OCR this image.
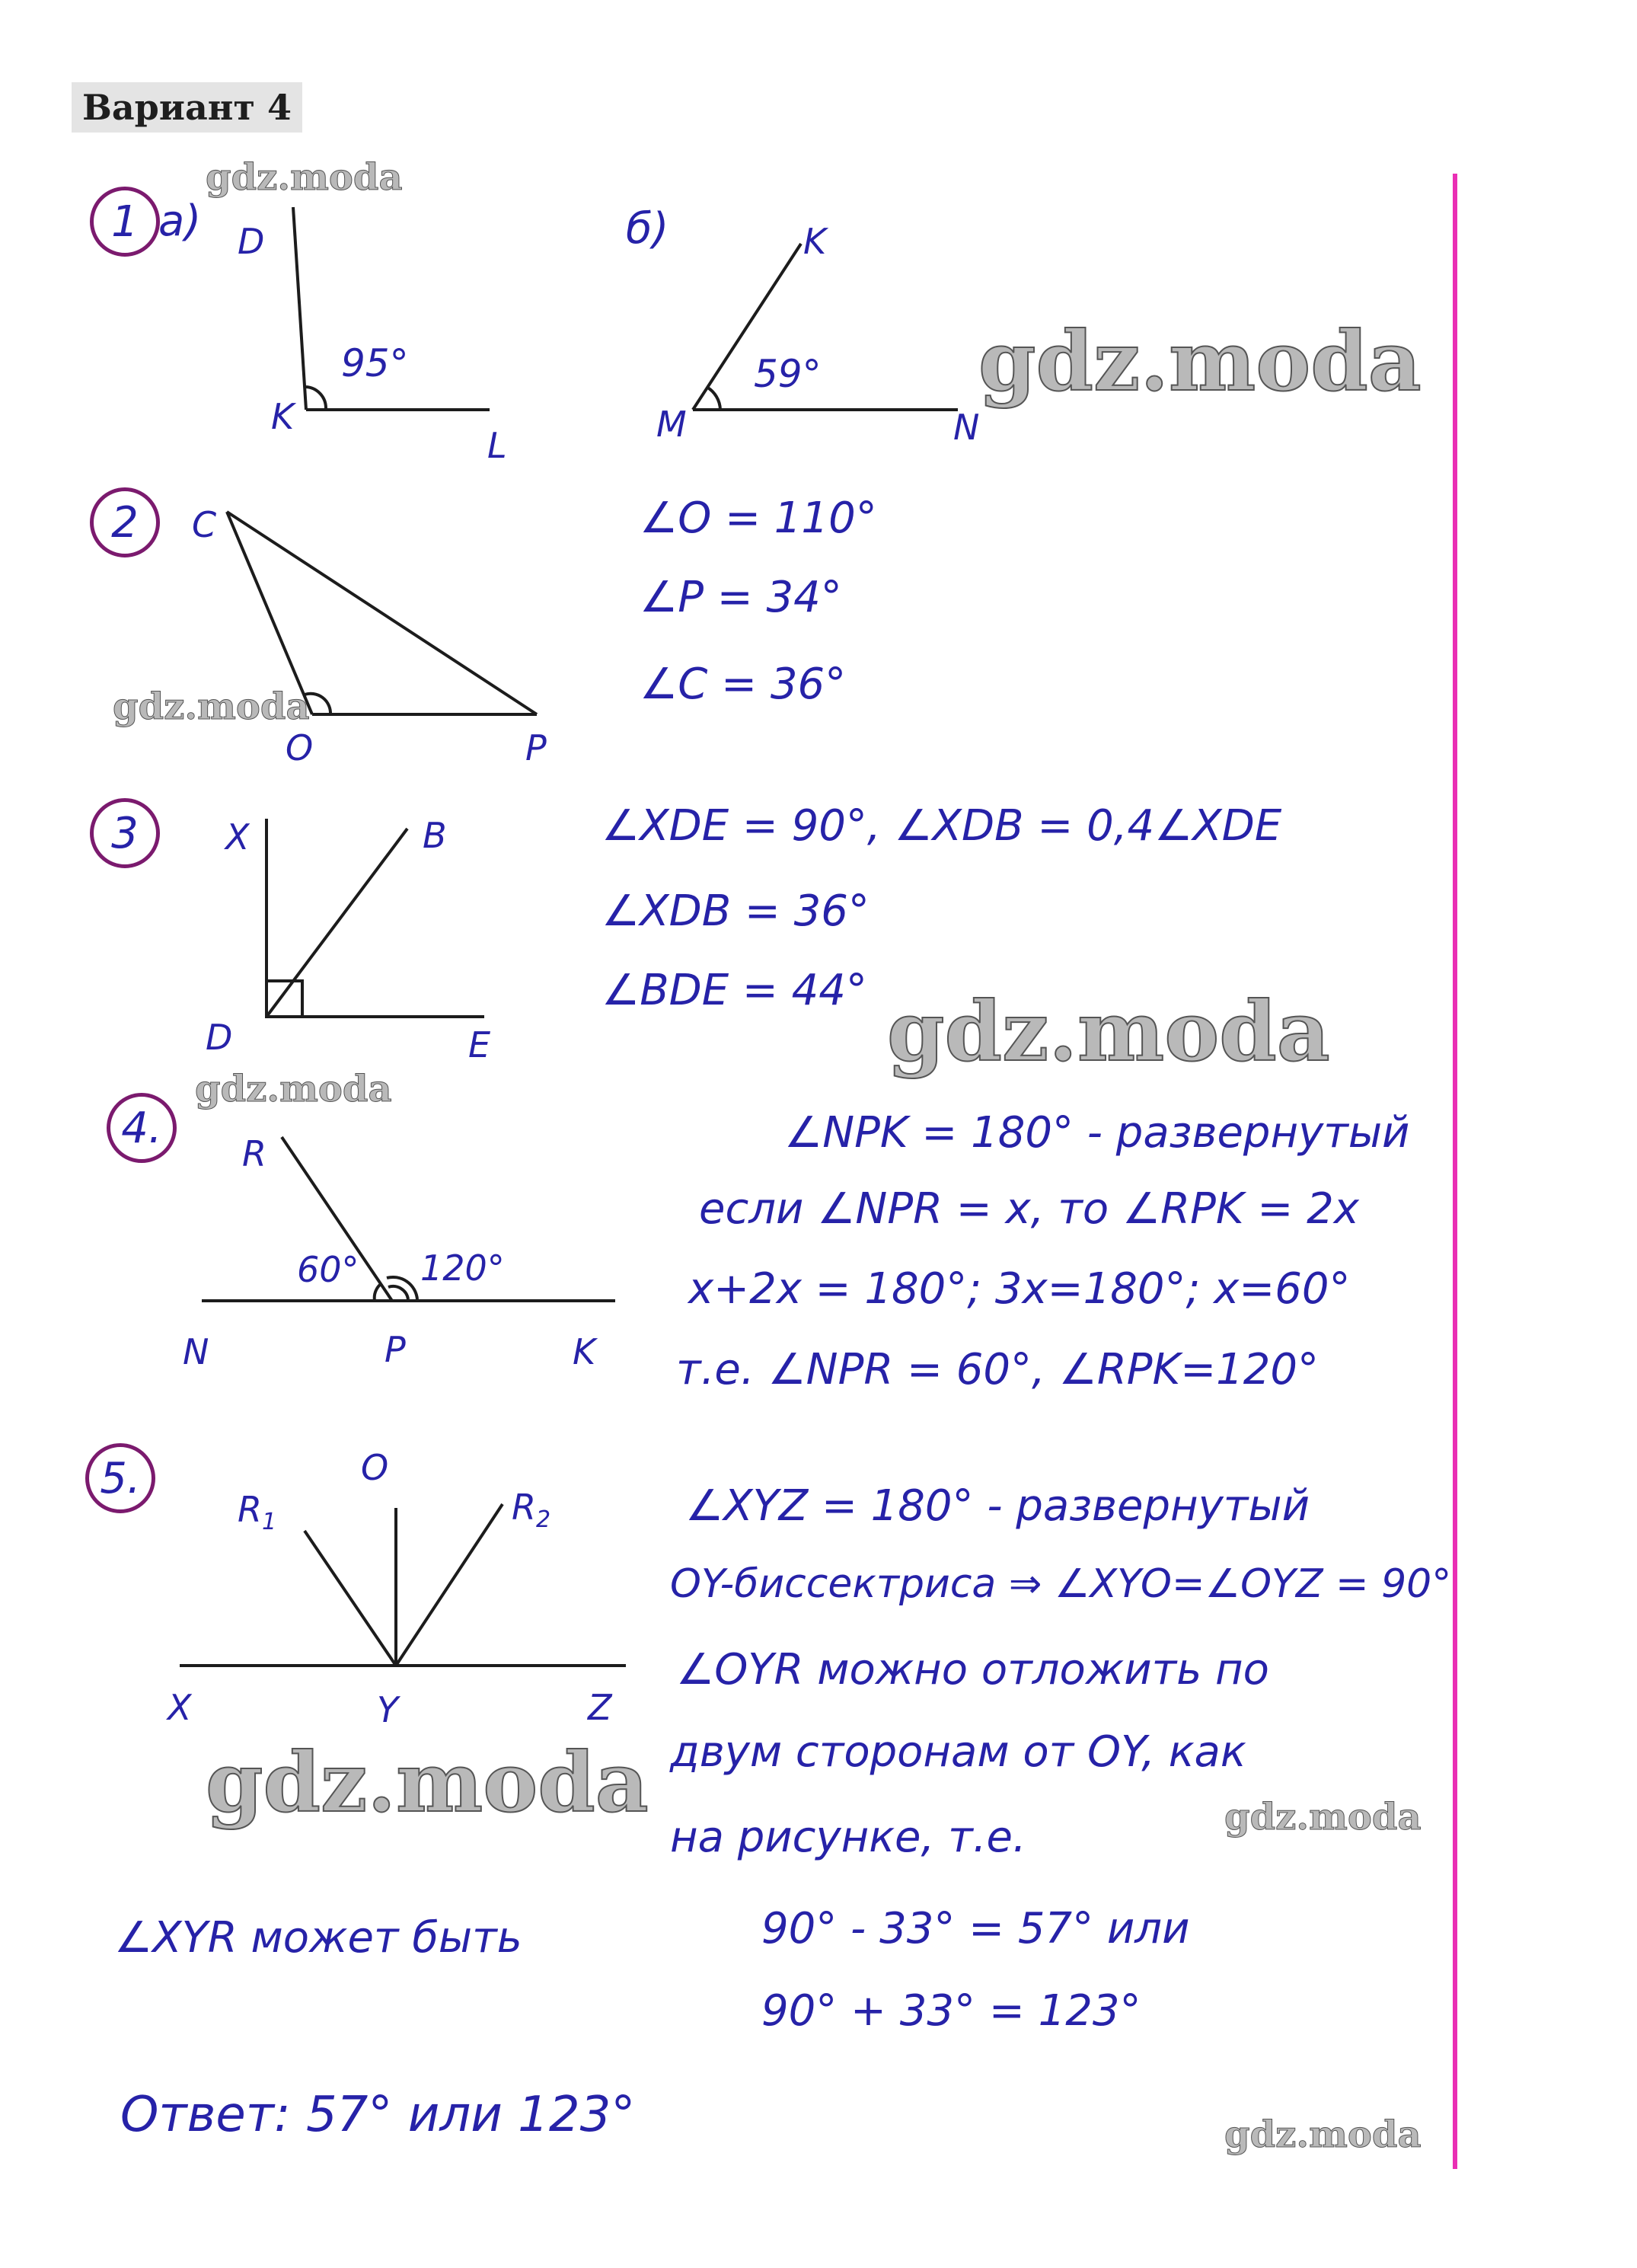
Вариант 4
1 а) D
95°
K
L
б)	K
59°
M	N
2	C
O	P
∠O = 110°
∠P = 34°
∠C = 36°
3	X	B
D	E
∠XDE = 90°, ∠XDB = 0,4∠XDE
∠XDB = 36°
∠BDE = 44°
4.
R
60° 120°
N	P	K
∠NPK = 180° - развернутый
если ∠NPR = x, то ∠RPK = 2x
x+2x = 180°; 3x=180°; x=60°
т.е. ∠NPR = 60°, ∠RPK=120°
5.
$R_1$
O
$R_2$
X	Y	Z
∠XYZ = 180° - развернутый
OY-биссектриса ⇒ ∠XYO=∠OYZ = 90°
∠OYR можно отложить по
двум сторонам от OY, как
на рисунке, т.е.
∠XYR может быть	90° - 33° = 57° или
90° + 33° = 123°
Ответ: 57° или 123°
gdz.moda
gdz.moda
gdz.moda
gdz.moda
gdz.moda
gdz.moda	gdz.moda
gdz.moda
